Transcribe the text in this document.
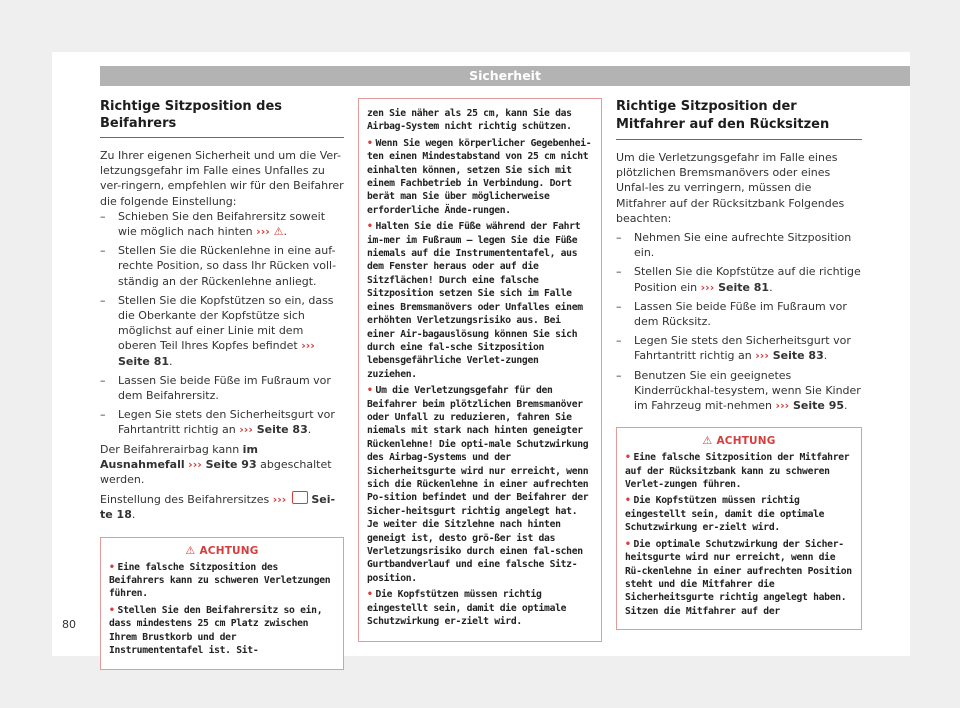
Sicherheit
Richtige Sitzposition des Beifahrers

Zu Ihrer eigenen Sicherheit und um die Ver-letzungsgefahr im Falle eines Unfalles zu ver-ringern, empfehlen wir für den Beifahrer die folgende Einstellung:

– Schieben Sie den Beifahrersitz soweit wie möglich nach hinten ››› ⚠.
– Stellen Sie die Rückenlehne in eine auf-rechte Position, so dass Ihr Rücken voll-ständig an der Rückenlehne anliegt.
– Stellen Sie die Kopfstützen so ein, dass die Oberkante der Kopfstütze sich möglichst auf einer Linie mit dem oberen Teil Ihres Kopfes befindet ››› Seite 81.
– Lassen Sie beide Füße im Fußraum vor dem Beifahrersitz.
– Legen Sie stets den Sicherheitsgurt vor Fahrtantritt richtig an ››› Seite 83.

Der Beifahrerairbag kann im Ausnahmefall ››› Seite 93 abgeschaltet werden.

Einstellung des Beifahrersitzes ››› Sei-te 18.

⚠ ACHTUNG

• Eine falsche Sitzposition des Beifahrers kann zu schweren Verletzungen führen.

• Stellen Sie den Beifahrersitz so ein, dass mindestens 25 cm Platz zwischen Ihrem Brustkorb und der Instrumententafel ist. Sit-

zen Sie näher als 25 cm, kann Sie das Airbag-System nicht richtig schützen.

• Wenn Sie wegen körperlicher Gegebenhei-ten einen Mindestabstand von 25 cm nicht einhalten können, setzen Sie sich mit einem Fachbetrieb in Verbindung. Dort berät man Sie über möglicherweise erforderliche Ände-rungen.

• Halten Sie die Füße während der Fahrt im-mer im Fußraum – legen Sie die Füße niemals auf die Instrumententafel, aus dem Fenster heraus oder auf die Sitzflächen! Durch eine falsche Sitzposition setzen Sie sich im Falle eines Bremsmanövers oder Unfalles einem erhöhten Verletzungsrisiko aus. Bei einer Air-bagauslösung können Sie sich durch eine fal-sche Sitzposition lebensgefährliche Verlet-zungen zuziehen.

• Um die Verletzungsgefahr für den Beifahrer beim plötzlichen Bremsmanöver oder Unfall zu reduzieren, fahren Sie niemals mit stark nach hinten geneigter Rückenlehne! Die opti-male Schutzwirkung des Airbag-Systems und der Sicherheitsgurte wird nur erreicht, wenn sich die Rückenlehne in einer aufrechten Po-sition befindet und der Beifahrer der Sicher-heitsgurt richtig angelegt hat. Je weiter die Sitzlehne nach hinten geneigt ist, desto grö-ßer ist das Verletzungsrisiko durch einen fal-schen Gurtbandverlauf und eine falsche Sitz-position.

• Die Kopfstützen müssen richtig eingestellt sein, damit die optimale Schutzwirkung er-zielt wird.

Richtige Sitzposition der Mitfahrer auf den Rücksitzen

Um die Verletzungsgefahr im Falle eines plötzlichen Bremsmanövers oder eines Unfal-les zu verringern, müssen die Mitfahrer auf der Rücksitzbank Folgendes beachten:

– Nehmen Sie eine aufrechte Sitzposition ein.
– Stellen Sie die Kopfstütze auf die richtige Position ein ››› Seite 81.
– Lassen Sie beide Füße im Fußraum vor dem Rücksitz.
– Legen Sie stets den Sicherheitsgurt vor Fahrtantritt richtig an ››› Seite 83.
– Benutzen Sie ein geeignetes Kinderrückhal-tesystem, wenn Sie Kinder im Fahrzeug mit-nehmen ››› Seite 95.
⚠ ACHTUNG

• Eine falsche Sitzposition der Mitfahrer auf der Rücksitzbank kann zu schweren Verlet-zungen führen.

• Die Kopfstützen müssen richtig eingestellt sein, damit die optimale Schutzwirkung er-zielt wird.

• Die optimale Schutzwirkung der Sicher-heitsgurte wird nur erreicht, wenn die Rü-ckenlehne in einer aufrechten Position steht und die Mitfahrer die Sicherheitsgurte richtig angelegt haben. Sitzen die Mitfahrer auf der

80
